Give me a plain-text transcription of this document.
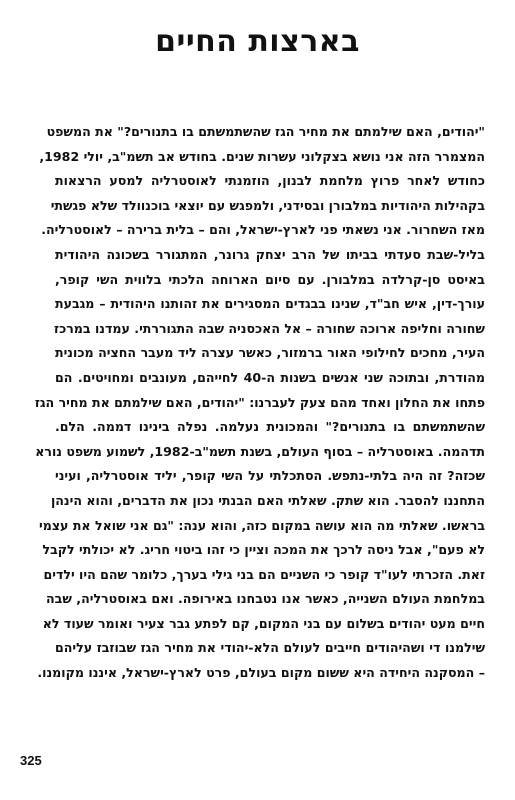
בארצות החיים
"יהודים, האם שילמתם את מחיר הגז שהשתמשתם בו בתנורים?" את המשפט
המצמרר הזה אני נושא בצקלוני עשרות שנים. בחודש אב תשמ"ב, יולי 1982,
כחודש לאחר פרוץ מלחמת לבנון, הוזמנתי לאוסטרליה למסע הרצאות
בקהילות היהודיות במלבורן ובסידני, ולמפגש עם יוצאי בוכנוולד שלא פגשתי
מאז השחרור. אני נשאתי פני לארץ-ישראל, והם – בלית ברירה – לאוסטרליה.
בליל-שבת סעדתי בביתו של הרב יצחק גרונר, המתגורר בשכונה היהודית
באיסט סן-קרלדה במלבורן. עם סיום הארוחה הלכתי בלווית השי קופר,
עורך-דין, איש חב"ד, שנינו בבגדים המסגירים את זהותנו היהודית – מגבעת
שחורה וחליפה ארוכה שחורה – אל האכסניה שבה התגוררתי. עמדנו במרכז
העיר, מחכים לחילופי האור ברמזור, כאשר עצרה ליד מעבר החציה מכונית
מהודרת, ובתוכה שני אנשים בשנות ה-40 לחייהם, מעונבים ומחויטים. הם
פתחו את החלון ואחד מהם צעק לעברנו: "יהודים, האם שילמתם את מחיר הגז
שהשתמשתם בו בתנורים?" והמכונית נעלמה. נפלה בינינו דממה. הלם.
תדהמה. באוסטרליה – בסוף העולם, בשנת תשמ"ב-1982, לשמוע משפט נורא
שכזה? זה היה בלתי-נתפש. הסתכלתי על השי קופר, יליד אוסטרליה, ועיני
התחננו להסבר. הוא שתק. שאלתי האם הבנתי נכון את הדברים, והוא הינהן
בראשו. שאלתי מה הוא עושה במקום כזה, והוא ענה: "גם אני שואל את עצמי
לא פעם", אבל ניסה לרכך את המכה וציין כי זהו ביטוי חריג. לא יכולתי לקבל
זאת. הזכרתי לעו"ד קופר כי השניים הם בני גילי בערך, כלומר שהם היו ילדים
במלחמת העולם השנייה, כאשר אנו נטבחנו באירופה. ואם באוסטרליה, שבה
חיים מעט יהודים בשלום עם בני המקום, קם לפתע גבר צעיר ואומר שעוד לא
שילמנו די ושהיהודים חייבים לעולם הלא-יהודי את מחיר הגז שבוזבז עליהם
– המסקנה היחידה היא ששום מקום בעולם, פרט לארץ-ישראל, איננו מקומנו.
325
